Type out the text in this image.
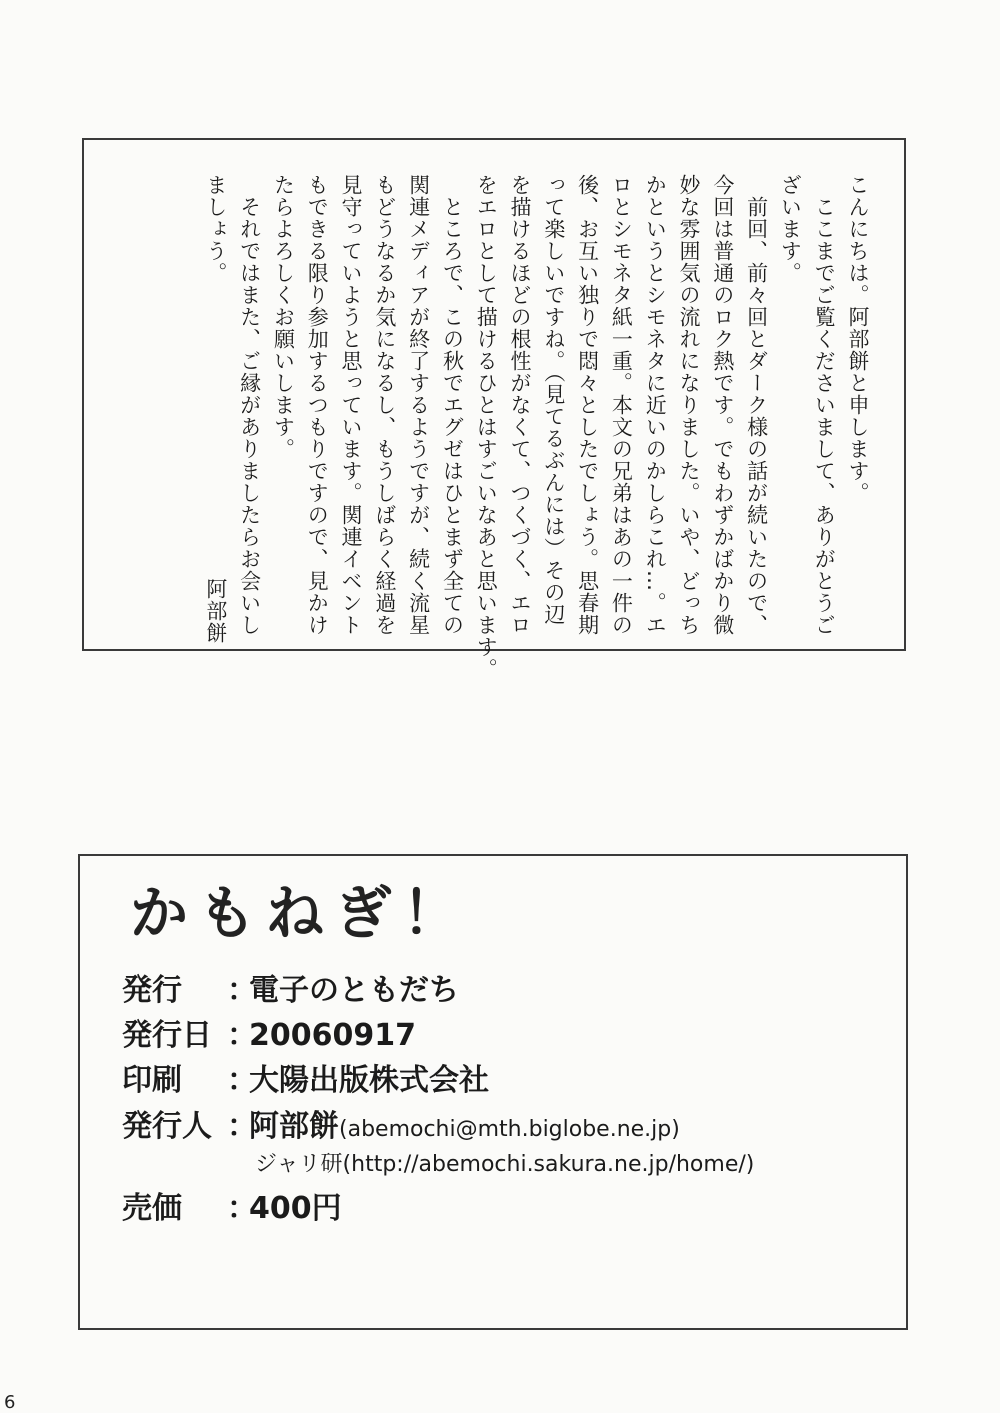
こんにちは。阿部餅と申します。

　ここまでご覧くださいまして、ありがとうご

ざいます。

　前回、前々回とダーク様の話が続いたので、

今回は普通のロク熱です。でもわずかばかり微

妙な雰囲気の流れになりました。いや、どっち

かというとシモネタに近いのかしらこれ…。エ

ロとシモネタ紙一重。本文の兄弟はあの一件の

後、お互い独りで悶々としたでしょう。思春期

って楽しいですね。（見てるぶんには）その辺

を描けるほどの根性がなくて、つくづく、エロ

をエロとして描けるひとはすごいなあと思います。

　ところで、この秋でエグゼはひとまず全ての

関連メディアが終了するようですが、続く流星

もどうなるか気になるし、もうしばらく経過を

見守っていようと思っています。関連イベント

もできる限り参加するつもりですので、見かけ

たらよろしくお願いします。

　それではまた、ご縁がありましたらお会いし

ましょう。

阿部餅

かもねぎ！
発行 ：電子のともだち
発行日 ：20060917
印刷 ：大陽出版株式会社
発行人 ：阿部餅(abemochi@mth.biglobe.ne.jp)
ジャリ研(http://abemochi.sakura.ne.jp/home/)
売価 ：400円
6
